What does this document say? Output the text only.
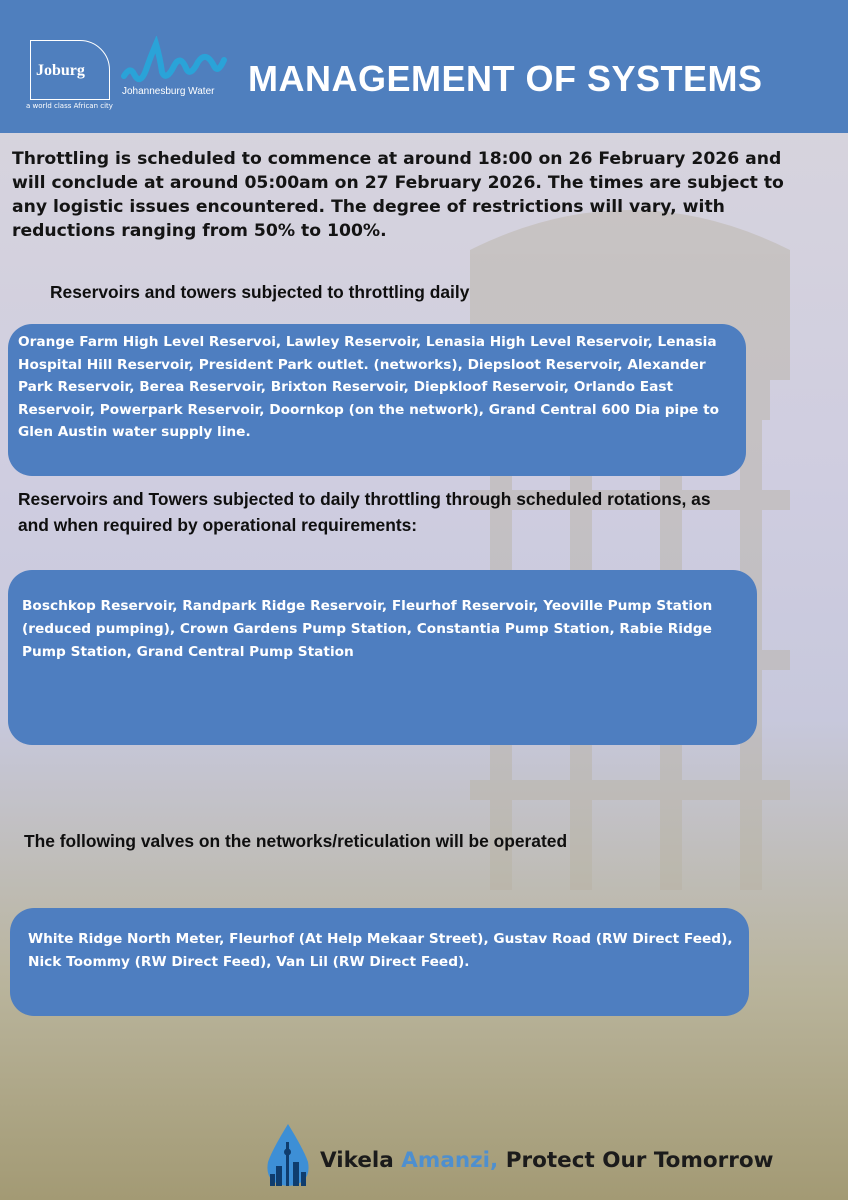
Joburg
a world class African city
Johannesburg Water MANAGEMENT OF SYSTEMS

Throttling is scheduled to commence at around 18:00 on 26 February 2026 and will conclude at around 05:00am on 27 February 2026. The times are subject to any logistic issues encountered. The degree of restrictions will vary, with reductions ranging from 50% to 100%.

Reservoirs and towers subjected to throttling daily

Orange Farm High Level Reservoi, Lawley Reservoir, Lenasia High Level Reservoir, Lenasia Hospital Hill Reservoir, President Park outlet. (networks), Diepsloot Reservoir, Alexander Park Reservoir, Berea Reservoir, Brixton Reservoir, Diepkloof Reservoir, Orlando East Reservoir, Powerpark Reservoir, Doornkop (on the network), Grand Central 600 Dia pipe to Glen Austin water supply line.

Reservoirs and Towers subjected to daily throttling through scheduled rotations, as and when required by operational requirements:

Boschkop Reservoir, Randpark Ridge Reservoir, Fleurhof Reservoir, Yeoville Pump Station (reduced pumping), Crown Gardens Pump Station, Constantia Pump Station, Rabie Ridge Pump Station, Grand Central Pump Station

The following valves on the networks/reticulation will be operated

White Ridge North Meter, Fleurhof (At Help Mekaar Street), Gustav Road (RW Direct Feed), Nick Toommy (RW Direct Feed), Van Lil (RW Direct Feed).

Vikela Amanzi, Protect Our Tomorrow
